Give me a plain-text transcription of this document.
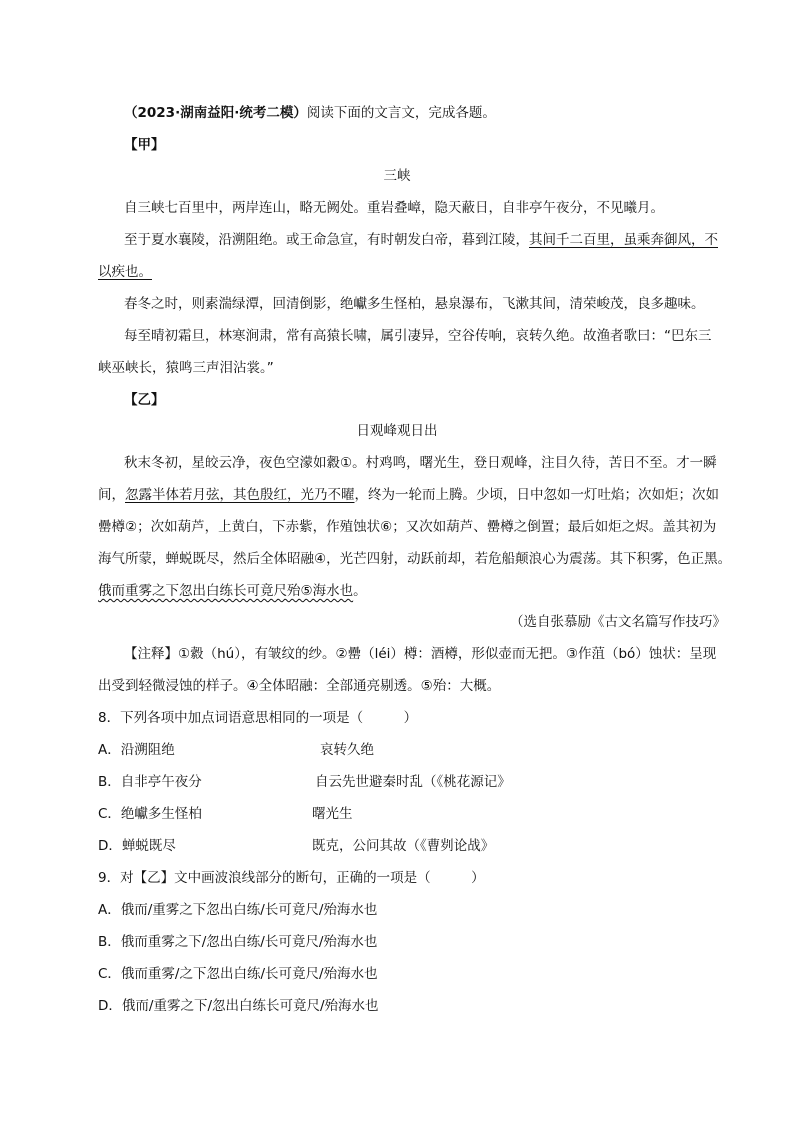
（2023·湖南益阳·统考二模）阅读下面的文言文，完成各题。
【甲】
三峡
自三峡七百里中，两岸连山，略无阙处。重岩叠嶂，隐天蔽日，自非亭午夜分，不见曦月。
至于夏水襄陵，沿溯阻绝。或王命急宣，有时朝发白帝，暮到江陵，其间千二百里，虽乘奔御风，不
以疾也。
春冬之时，则素湍绿潭，回清倒影，绝巘多生怪柏，悬泉瀑布，飞漱其间，清荣峻茂，良多趣味。
每至晴初霜旦，林寒涧肃，常有高猿长啸，属引凄异，空谷传响，哀转久绝。故渔者歌曰：“巴东三
峡巫峡长，猿鸣三声泪沾裳。”
【乙】
日观峰观日出
秋末冬初，星皎云净，夜色空濛如縠①。村鸡鸣，曙光生，登日观峰，注目久待，苦日不至。才一瞬
间，忽露半体若月弦，其色殷红，光乃不曜，终为一轮而上腾。少顷，日中忽如一灯吐焰；次如炬；次如
罍樽②；次如葫芦，上黄白，下赤紫，作殖蚀状⑥；又次如葫芦、罍樽之倒置；最后如炬之烬。盖其初为
海气所蒙，蝉蜕既尽，然后全体昭融④，光芒四射，动跃前却，若危船颠浪心为震荡。其下积雾，色正黑。
俄而重雾之下忽出白练长可竟尺殆⑤海水也。
（选自张慕励《古文名篇写作技巧》
【注释】①縠（hú），有皱纹的纱。②罍（léi）樽：酒樽，形似壶而无把。③作菹（bó）蚀状：呈现
出受到轻微浸蚀的样子。④全体昭融：全部通亮剔透。⑤殆：大概。
8．下列各项中加点词语意思相同的一项是（　　　）
A．沿溯阻绝	哀转久绝
B．自非亭午夜分	自云先世避秦时乱（《桃花源记》
C．绝巘多生怪柏	曙光生
D．蝉蜕既尽	既克，公问其故（《曹刿论战》
9．对【乙】文中画波浪线部分的断句，正确的一项是（　　　）
A．俄而/重雾之下忽出白练/长可竟尺/殆海水也
B．俄而重雾之下/忽出白练/长可竟尺/殆海水也
C．俄而重雾/之下忽出白练/长可竟尺/殆海水也
D．俄而/重雾之下/忽出白练长可竟尺/殆海水也
